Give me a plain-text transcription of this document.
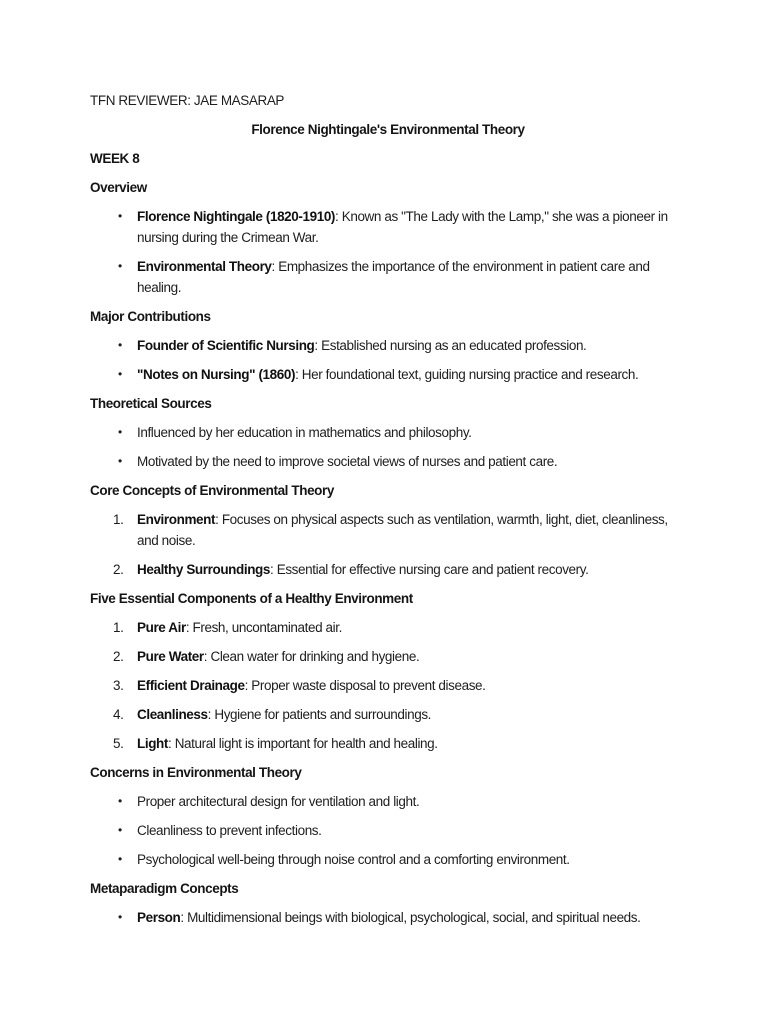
TFN REVIEWER: JAE MASARAP

Florence Nightingale's Environmental Theory

WEEK 8

Overview

•	Florence Nightingale (1820-1910): Known as "The Lady with the Lamp," she was a pioneer in nursing during the Crimean War.
•	Environmental Theory: Emphasizes the importance of the environment in patient care and healing.

Major Contributions

•	Founder of Scientific Nursing: Established nursing as an educated profession.
•	"Notes on Nursing" (1860): Her foundational text, guiding nursing practice and research.

Theoretical Sources

•	Influenced by her education in mathematics and philosophy.
•	Motivated by the need to improve societal views of nurses and patient care.

Core Concepts of Environmental Theory

1.	Environment: Focuses on physical aspects such as ventilation, warmth, light, diet, cleanliness, and noise.
2.	Healthy Surroundings: Essential for effective nursing care and patient recovery.

Five Essential Components of a Healthy Environment

1.	Pure Air: Fresh, uncontaminated air.
2.	Pure Water: Clean water for drinking and hygiene.
3.	Efficient Drainage: Proper waste disposal to prevent disease.
4.	Cleanliness: Hygiene for patients and surroundings.
5.	Light: Natural light is important for health and healing.

Concerns in Environmental Theory

•	Proper architectural design for ventilation and light.
•	Cleanliness to prevent infections.
•	Psychological well-being through noise control and a comforting environment.

Metaparadigm Concepts

•	Person: Multidimensional beings with biological, psychological, social, and spiritual needs.
